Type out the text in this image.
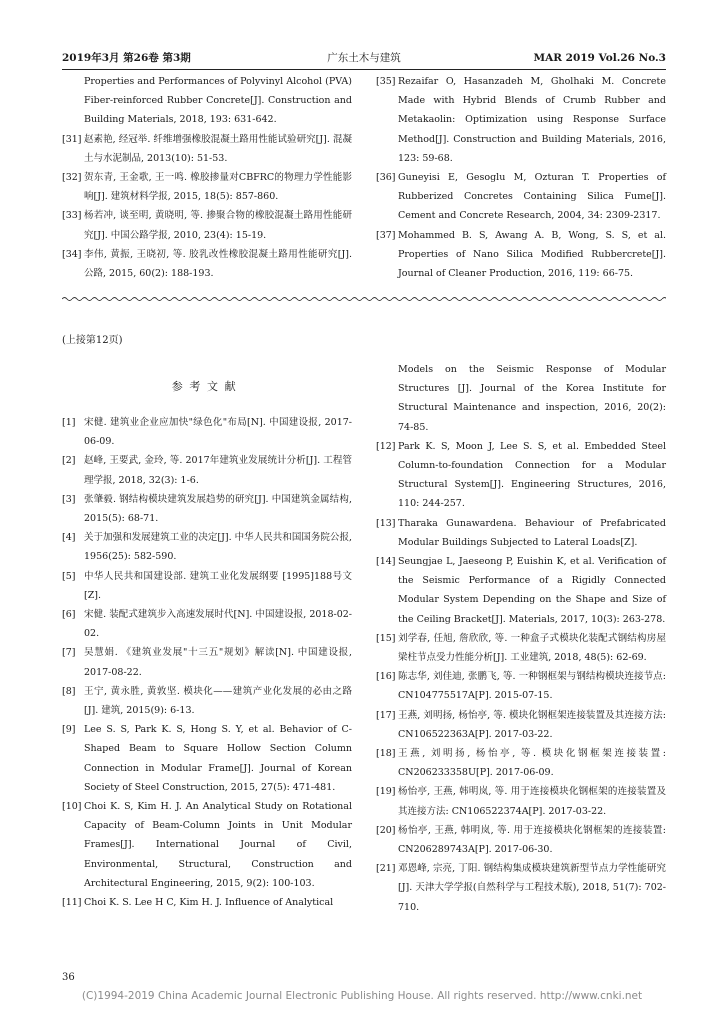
2019年3月 第26卷 第3期	广东土木与建筑	MAR 2019 Vol.26 No.3
Properties and Performances of Polyvinyl Alcohol (PVA) Fiber-reinforced Rubber Concrete[J]. Construction and Building Materials, 2018, 193: 631-642.
[31] 赵素艳, 经冠举. 纤维增强橡胶混凝土路用性能试验研究[J]. 混凝土与水泥制品, 2013(10): 51-53.
[32] 贺东青, 王金歌, 王一鸣. 橡胶掺量对CBFRC的物理力学性能影响[J]. 建筑材料学报, 2015, 18(5): 857-860.
[33] 杨若冲, 谈至明, 黄晓明, 等. 掺聚合物的橡胶混凝土路用性能研究[J]. 中国公路学报, 2010, 23(4): 15-19.
[34] 李伟, 黄振, 王晓初, 等. 胶乳改性橡胶混凝土路用性能研究[J]. 公路, 2015, 60(2): 188-193.
[35] Rezaifar O, Hasanzadeh M, Gholhaki M. Concrete Made with Hybrid Blends of Crumb Rubber and Metakaolin: Optimization using Response Surface Method[J]. Construction and Building Materials, 2016, 123: 59-68.
[36] Guneyisi E, Gesoglu M, Ozturan T. Properties of Rubberized Concretes Containing Silica Fume[J]. Cement and Concrete Research, 2004, 34: 2309-2317.
[37] Mohammed B. S, Awang A. B, Wong, S. S, et al. Properties of Nano Silica Modified Rubbercrete[J]. Journal of Cleaner Production, 2016, 119: 66-75.
(上接第12页)
参考文献
[1] 宋健. 建筑业企业应加快"绿色化"布局[N]. 中国建设报, 2017-06-09.
[2] 赵峰, 王要武, 金玲, 等. 2017年建筑业发展统计分析[J]. 工程管理学报, 2018, 32(3): 1-6.
[3] 张肇毅. 钢结构模块建筑发展趋势的研究[J]. 中国建筑金属结构, 2015(5): 68-71.
[4] 关于加强和发展建筑工业的决定[J]. 中华人民共和国国务院公报, 1956(25): 582-590.
[5] 中华人民共和国建设部. 建筑工业化发展纲要 [1995]188号文[Z].
[6] 宋健. 装配式建筑步入高速发展时代[N]. 中国建设报, 2018-02-02.
[7] 吴慧娟. 《建筑业发展"十三五"规划》解读[N]. 中国建设报, 2017-08-22.
[8] 王宁, 黄永胜, 黄敦坚. 模块化——建筑产业化发展的必由之路[J]. 建筑, 2015(9): 6-13.
[9] Lee S. S, Park K. S, Hong S. Y, et al. Behavior of C-Shaped Beam to Square Hollow Section Column Connection in Modular Frame[J]. Journal of Korean Society of Steel Construction, 2015, 27(5): 471-481.
[10] Choi K. S, Kim H. J. An Analytical Study on Rotational Capacity of Beam-Column Joints in Unit Modular Frames[J]. International Journal of Civil, Environmental, Structural, Construction and Architectural Engineering, 2015, 9(2): 100-103.
[11] Choi K. S. Lee H C, Kim H. J. Influence of Analytical
Models on the Seismic Response of Modular Structures [J]. Journal of the Korea Institute for Structural Maintenance and inspection, 2016, 20(2): 74-85.
[12] Park K. S, Moon J, Lee S. S, et al. Embedded Steel Column-to-foundation Connection for a Modular Structural System[J]. Engineering Structures, 2016, 110: 244-257.
[13] Tharaka Gunawardena. Behaviour of Prefabricated Modular Buildings Subjected to Lateral Loads[Z].
[14] Seungjae L, Jaeseong P, Euishin K, et al. Verification of the Seismic Performance of a Rigidly Connected Modular System Depending on the Shape and Size of the Ceiling Bracket[J]. Materials, 2017, 10(3): 263-278.
[15] 刘学春, 任旭, 詹欣欣, 等. 一种盒子式模块化装配式钢结构房屋梁柱节点受力性能分析[J]. 工业建筑, 2018, 48(5): 62-69.
[16] 陈志华, 刘佳迪, 张鹏飞, 等. 一种钢框架与钢结构模块连接节点: CN104775517A[P]. 2015-07-15.
[17] 王燕, 刘明扬, 杨怡亭, 等. 模块化钢框架连接装置及其连接方法: CN106522363A[P]. 2017-03-22.
[18] 王燕, 刘明扬, 杨怡亭, 等. 模块化钢框架连接装置: CN206233358U[P]. 2017-06-09.
[19] 杨怡亭, 王燕, 韩明岚, 等. 用于连接模块化钢框架的连接装置及其连接方法: CN106522374A[P]. 2017-03-22.
[20] 杨怡亭, 王燕, 韩明岚, 等. 用于连接模块化钢框架的连接装置: CN206289743A[P]. 2017-06-30.
[21] 邓恩峰, 宗亮, 丁阳. 钢结构集成模块建筑新型节点力学性能研究[J]. 天津大学学报(自然科学与工程技术版), 2018, 51(7): 702-710.
36
(C)1994-2019 China Academic Journal Electronic Publishing House. All rights reserved. http://www.cnki.net
